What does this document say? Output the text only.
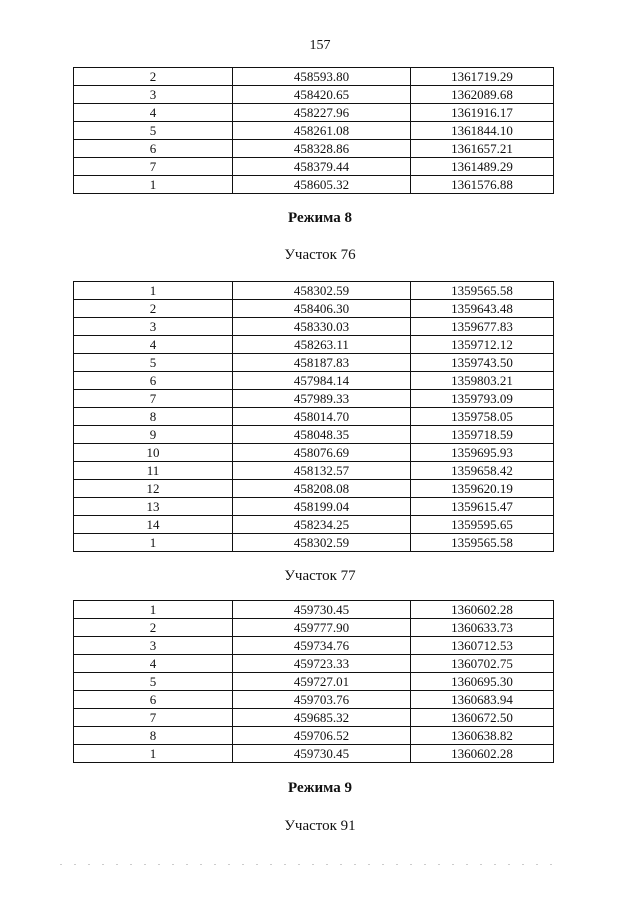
157
2	458593.80	1361719.29
3	458420.65	1362089.68
4	458227.96	1361916.17
5	458261.08	1361844.10
6	458328.86	1361657.21
7	458379.44	1361489.29
1	458605.32	1361576.88
Режима 8
Участок 76
1	458302.59	1359565.58
2	458406.30	1359643.48
3	458330.03	1359677.83
4	458263.11	1359712.12
5	458187.83	1359743.50
6	457984.14	1359803.21
7	457989.33	1359793.09
8	458014.70	1359758.05
9	458048.35	1359718.59
10	458076.69	1359695.93
11	458132.57	1359658.42
12	458208.08	1359620.19
13	458199.04	1359615.47
14	458234.25	1359595.65
1	458302.59	1359565.58
Участок 77
1	459730.45	1360602.28
2	459777.90	1360633.73
3	459734.76	1360712.53
4	459723.33	1360702.75
5	459727.01	1360695.30
6	459703.76	1360683.94
7	459685.32	1360672.50
8	459706.52	1360638.82
1	459730.45	1360602.28
Режима 9
Участок 91
